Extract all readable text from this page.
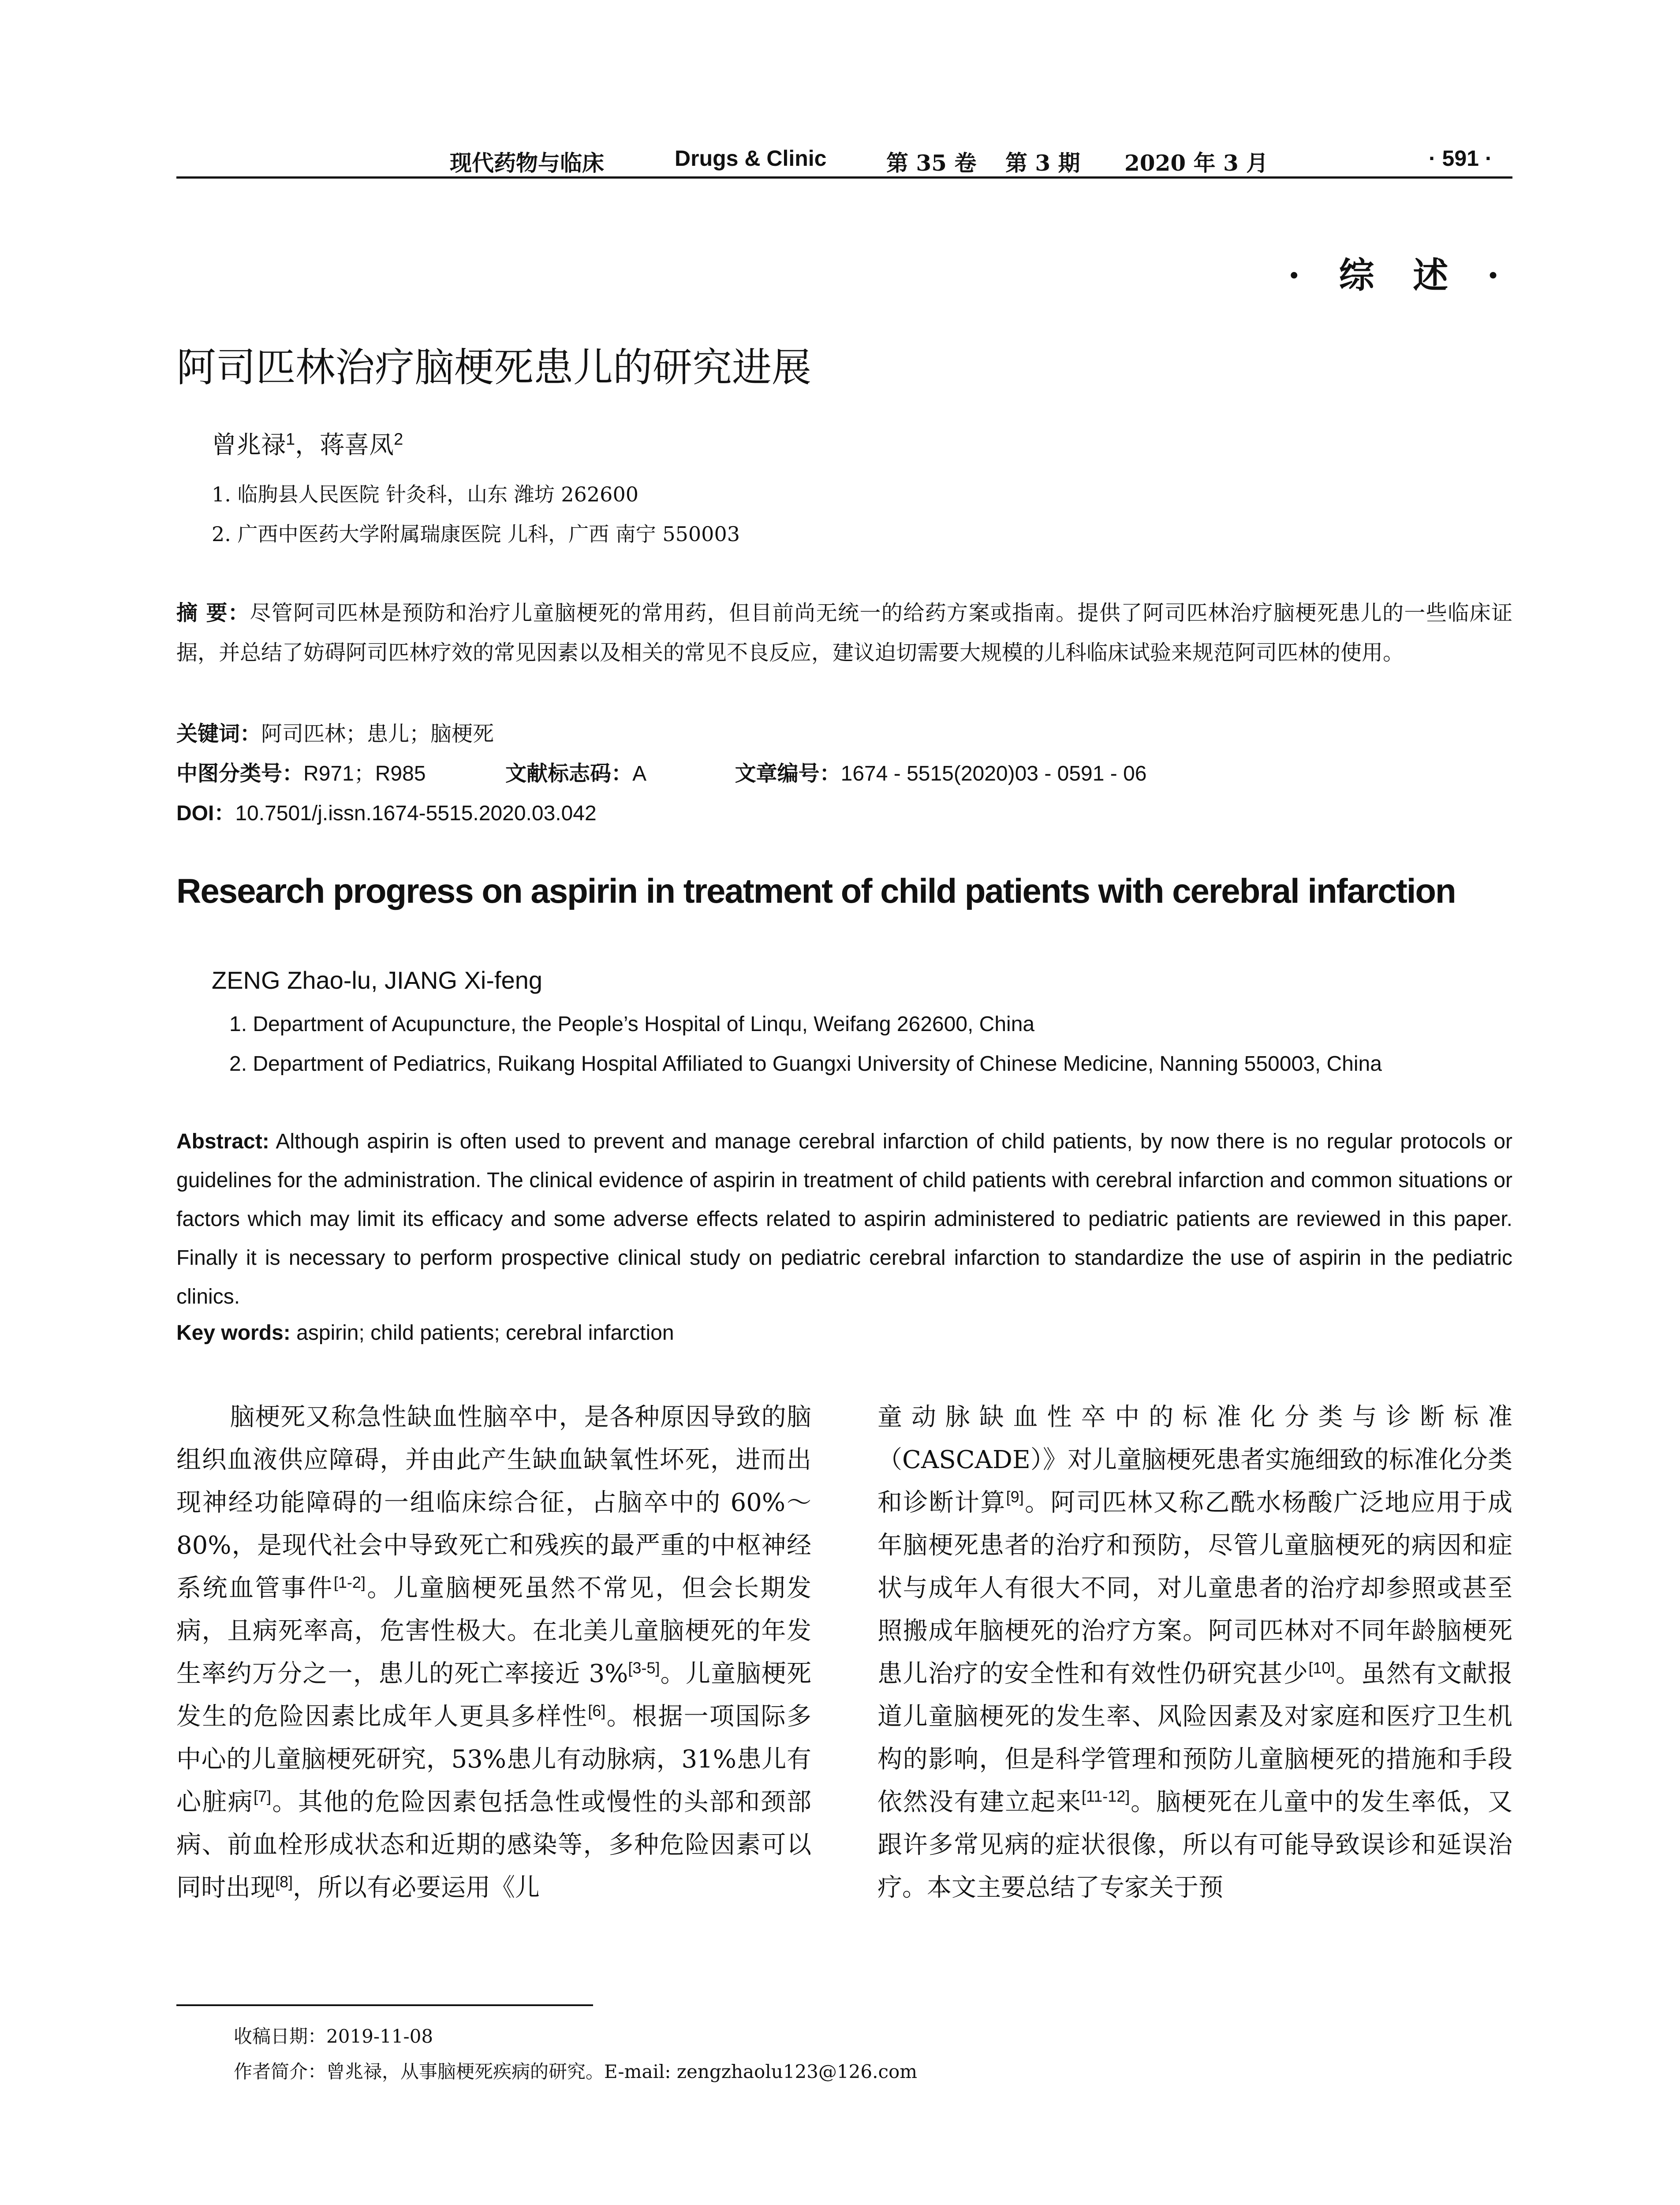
现代药物与临床	Drugs & Clinic	第 35 卷 第 3 期 2020 年 3 月	· 591 ·
· 综 述 ·
阿司匹林治疗脑梗死患儿的研究进展
曾兆禄$^1$，蒋喜凤$^2$
1. 临朐县人民医院 针灸科，山东 潍坊 262600
2. 广西中医药大学附属瑞康医院 儿科，广西 南宁 550003
摘 要：尽管阿司匹林是预防和治疗儿童脑梗死的常用药，但目前尚无统一的给药方案或指南。提供了阿司匹林治疗脑梗死患儿的一些临床证据，并总结了妨碍阿司匹林疗效的常见因素以及相关的常见不良反应，建议迫切需要大规模的儿科临床试验来规范阿司匹林的使用。
关键词：阿司匹林；患儿；脑梗死
中图分类号：R971；R985	文献标志码：A	文章编号：1674 - 5515(2020)03 - 0591 - 06
DOI：10.7501/j.issn.1674-5515.2020.03.042
Research progress on aspirin in treatment of child patients with cerebral infarction
ZENG Zhao-lu, JIANG Xi-feng
1. Department of Acupuncture, the People’s Hospital of Linqu, Weifang 262600, China
2. Department of Pediatrics, Ruikang Hospital Affiliated to Guangxi University of Chinese Medicine, Nanning 550003, China
Abstract: Although aspirin is often used to prevent and manage cerebral infarction of child patients, by now there is no regular protocols or guidelines for the administration. The clinical evidence of aspirin in treatment of child patients with cerebral infarction and common situations or factors which may limit its efficacy and some adverse effects related to aspirin administered to pediatric patients are reviewed in this paper. Finally it is necessary to perform prospective clinical study on pediatric cerebral infarction to standardize the use of aspirin in the pediatric clinics.
Key words: aspirin; child patients; cerebral infarction
脑梗死又称急性缺血性脑卒中，是各种原因导致的脑组织血液供应障碍，并由此产生缺血缺氧性坏死，进而出现神经功能障碍的一组临床综合征，占脑卒中的 60%～80%，是现代社会中导致死亡和残疾的最严重的中枢神经系统血管事件[1-2]。儿童脑梗死虽然不常见，但会长期发病，且病死率高，危害性极大。在北美儿童脑梗死的年发生率约万分之一，患儿的死亡率接近 3%[3-5]。儿童脑梗死发生的危险因素比成年人更具多样性[6]。根据一项国际多中心的儿童脑梗死研究，53%患儿有动脉病，31%患儿有心脏病[7]。其他的危险因素包括急性或慢性的头部和颈部病、前血栓形成状态和近期的感染等，多种危险因素可以同时出现[8]，所以有必要运用《儿
童动脉缺血性卒中的标准化分类与诊断标准（CASCADE）》对儿童脑梗死患者实施细致的标准化分类和诊断计算[9]。阿司匹林又称乙酰水杨酸广泛地应用于成年脑梗死患者的治疗和预防，尽管儿童脑梗死的病因和症状与成年人有很大不同，对儿童患者的治疗却参照或甚至照搬成年脑梗死的治疗方案。阿司匹林对不同年龄脑梗死患儿治疗的安全性和有效性仍研究甚少[10]。虽然有文献报道儿童脑梗死的发生率、风险因素及对家庭和医疗卫生机构的影响，但是科学管理和预防儿童脑梗死的措施和手段依然没有建立起来[11-12]。脑梗死在儿童中的发生率低，又跟许多常见病的症状很像，所以有可能导致误诊和延误治疗。本文主要总结了专家关于预
收稿日期：2019-11-08
作者简介：曾兆禄，从事脑梗死疾病的研究。E-mail: zengzhaolu123@126.com
